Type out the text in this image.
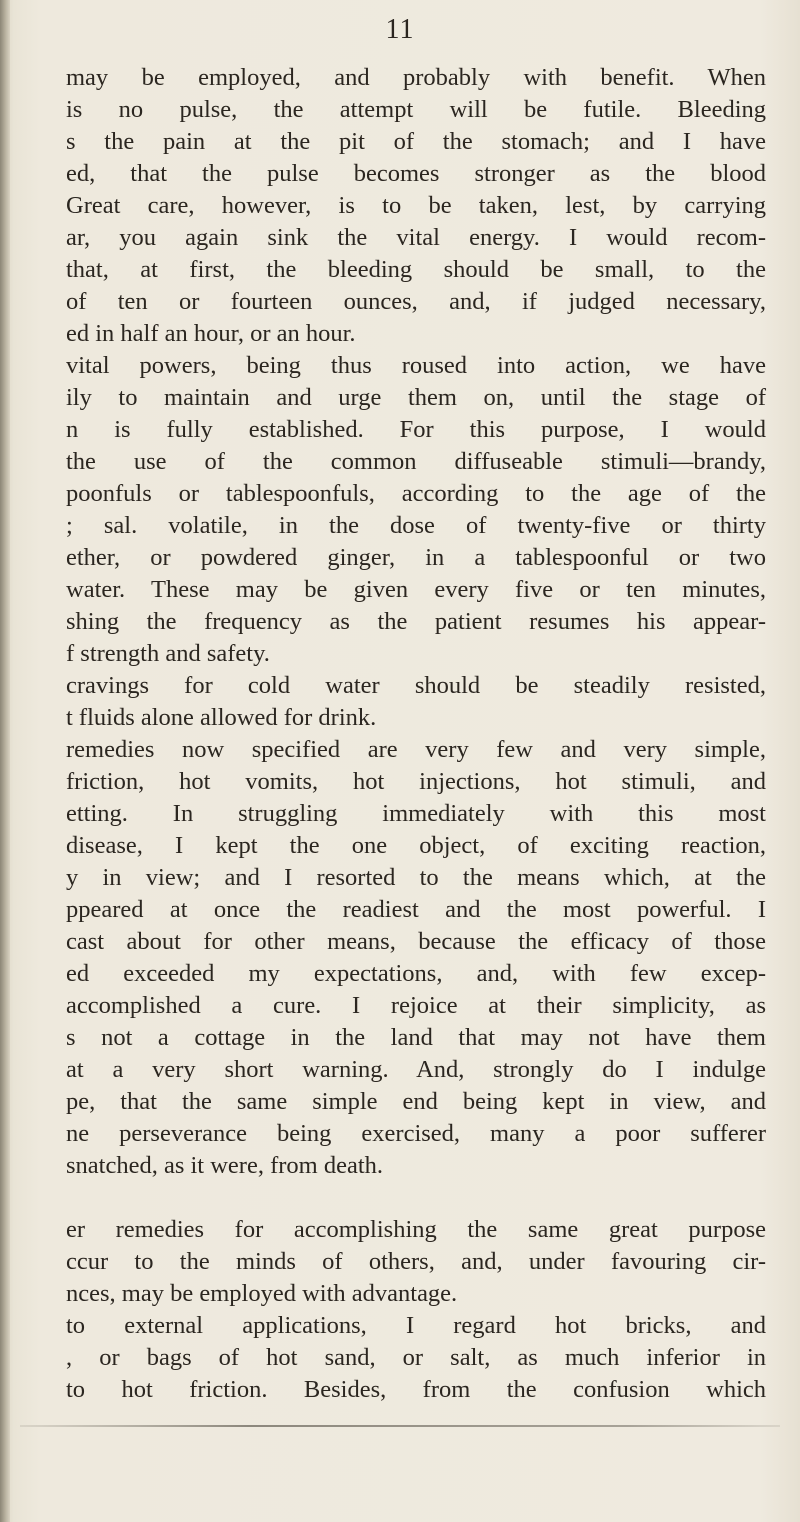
11
may be employed, and probably with benefit. When
is no pulse, the attempt will be futile. Bleeding
s the pain at the pit of the stomach; and I have
ed, that the pulse becomes stronger as the blood
Great care, however, is to be taken, lest, by carrying
ar, you again sink the vital energy. I would recom-
that, at first, the bleeding should be small, to the
of ten or fourteen ounces, and, if judged necessary,
ed in half an hour, or an hour.
vital powers, being thus roused into action, we have
ily to maintain and urge them on, until the stage of
n is fully established. For this purpose, I would
the use of the common diffuseable stimuli—brandy,
poonfuls or tablespoonfuls, according to the age of the
; sal. volatile, in the dose of twenty-five or thirty
ether, or powdered ginger, in a tablespoonful or two
water. These may be given every five or ten minutes,
shing the frequency as the patient resumes his appear-
f strength and safety.
cravings for cold water should be steadily resisted,
t fluids alone allowed for drink.
remedies now specified are very few and very simple,
friction, hot vomits, hot injections, hot stimuli, and
etting. In struggling immediately with this most
disease, I kept the one object, of exciting reaction,
y in view; and I resorted to the means which, at the
ppeared at once the readiest and the most powerful. I
cast about for other means, because the efficacy of those
ed exceeded my expectations, and, with few excep-
accomplished a cure. I rejoice at their simplicity, as
s not a cottage in the land that may not have them
at a very short warning. And, strongly do I indulge
pe, that the same simple end being kept in view, and
ne perseverance being exercised, many a poor sufferer
snatched, as it were, from death.
er remedies for accomplishing the same great purpose
ccur to the minds of others, and, under favouring cir-
nces, may be employed with advantage.
to external applications, I regard hot bricks, and
, or bags of hot sand, or salt, as much inferior in
to hot friction. Besides, from the confusion which
